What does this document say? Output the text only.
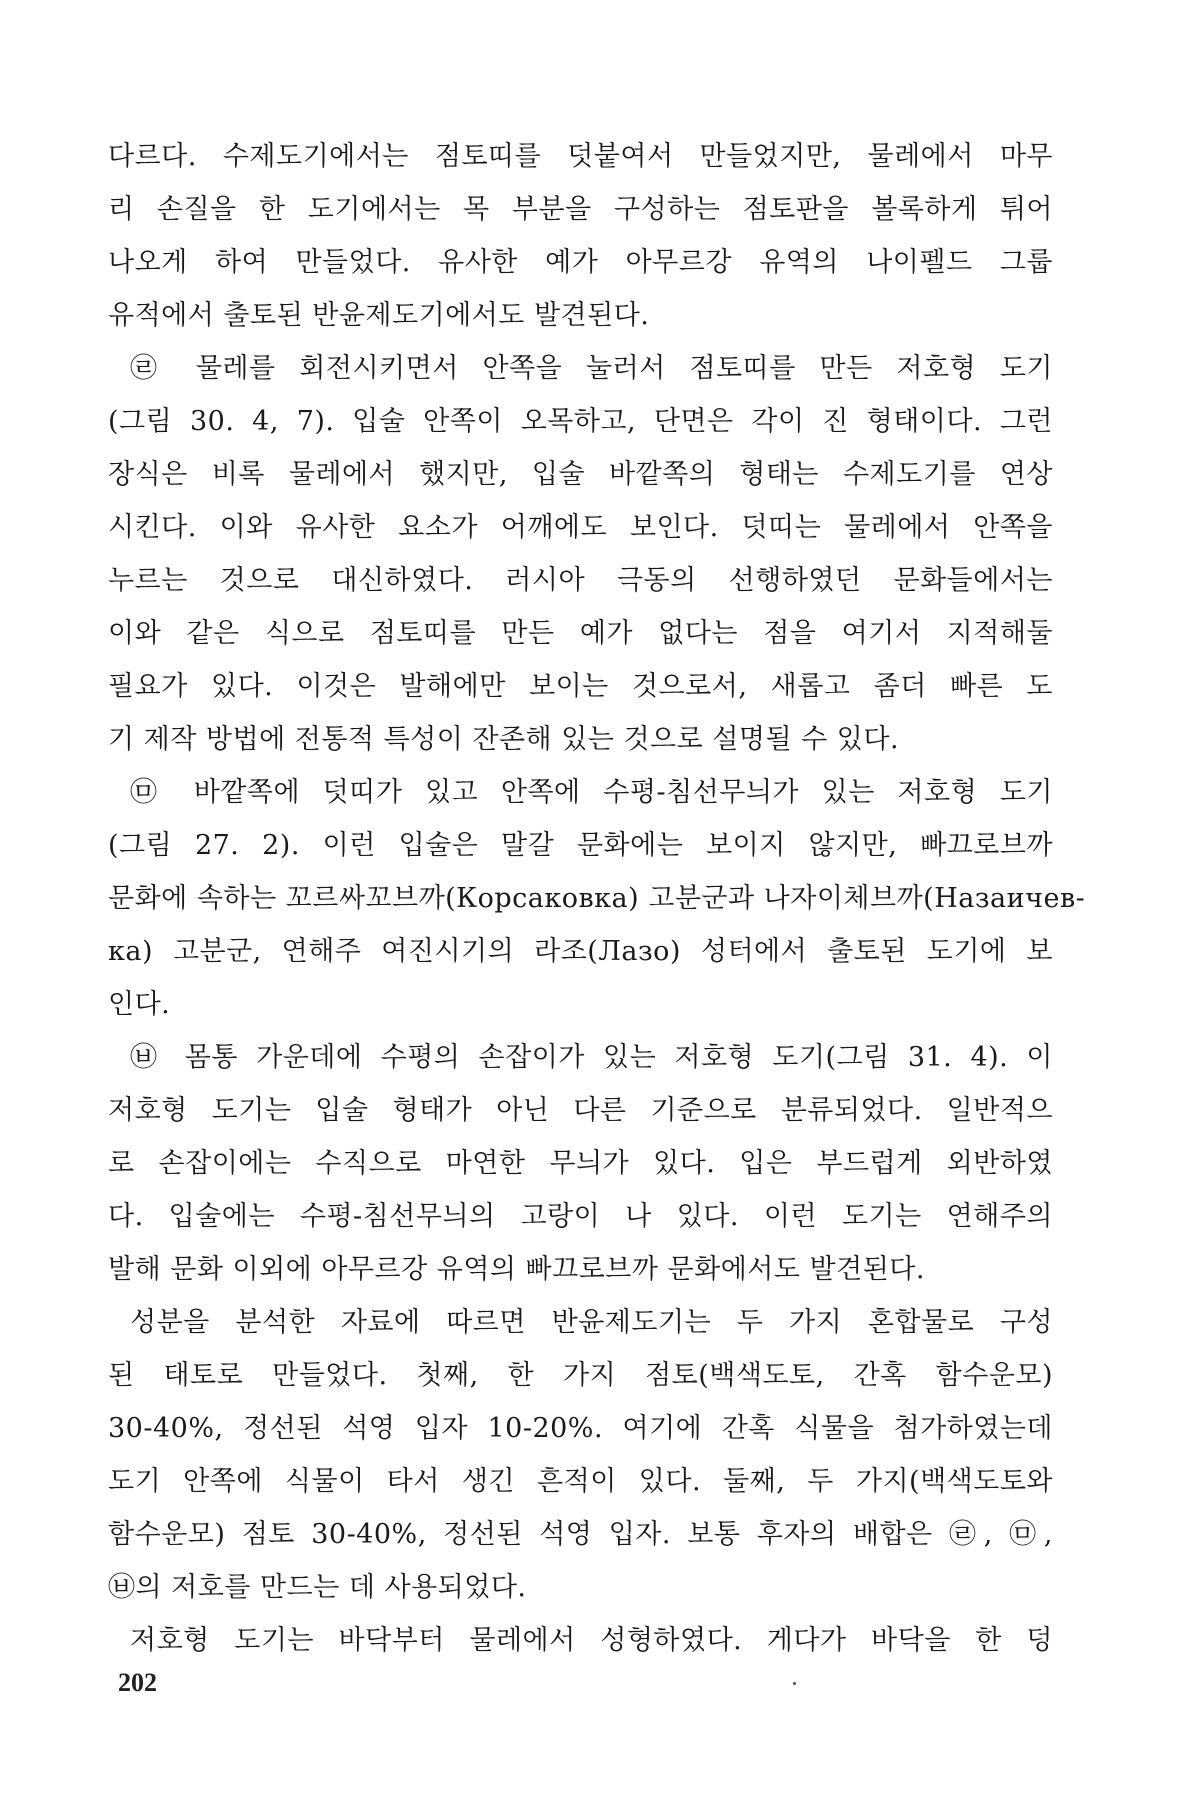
다르다. 수제도기에서는 점토띠를 덧붙여서 만들었지만, 물레에서 마무
리 손질을 한 도기에서는 목 부분을 구성하는 점토판을 볼록하게 튀어
나오게 하여 만들었다. 유사한 예가 아무르강 유역의 나이펠드 그룹
유적에서 출토된 반윤제도기에서도 발견된다.
㉣ 물레를 회전시키면서 안쪽을 눌러서 점토띠를 만든 저호형 도기
(그림 30. 4, 7). 입술 안쪽이 오목하고, 단면은 각이 진 형태이다. 그런
장식은 비록 물레에서 했지만, 입술 바깥쪽의 형태는 수제도기를 연상
시킨다. 이와 유사한 요소가 어깨에도 보인다. 덧띠는 물레에서 안쪽을
누르는 것으로 대신하였다. 러시아 극동의 선행하였던 문화들에서는
이와 같은 식으로 점토띠를 만든 예가 없다는 점을 여기서 지적해둘
필요가 있다. 이것은 발해에만 보이는 것으로서, 새롭고 좀더 빠른 도
기 제작 방법에 전통적 특성이 잔존해 있는 것으로 설명될 수 있다.
㉤ 바깥쪽에 덧띠가 있고 안쪽에 수평-침선무늬가 있는 저호형 도기
(그림 27. 2). 이런 입술은 말갈 문화에는 보이지 않지만, 빠끄로브까
문화에 속하는 꼬르싸꼬브까(Корсаковка) 고분군과 나자이체브까(Назаичев-
ка) 고분군, 연해주 여진시기의 라조(Лазо) 성터에서 출토된 도기에 보
인다.
㉥ 몸통 가운데에 수평의 손잡이가 있는 저호형 도기(그림 31. 4). 이
저호형 도기는 입술 형태가 아닌 다른 기준으로 분류되었다. 일반적으
로 손잡이에는 수직으로 마연한 무늬가 있다. 입은 부드럽게 외반하였
다. 입술에는 수평-침선무늬의 고랑이 나 있다. 이런 도기는 연해주의
발해 문화 이외에 아무르강 유역의 빠끄로브까 문화에서도 발견된다.
성분을 분석한 자료에 따르면 반윤제도기는 두 가지 혼합물로 구성
된 태토로 만들었다. 첫째, 한 가지 점토(백색도토, 간혹 함수운모)
30-40%, 정선된 석영 입자 10-20%. 여기에 간혹 식물을 첨가하였는데
도기 안쪽에 식물이 타서 생긴 흔적이 있다. 둘째, 두 가지(백색도토와
함수운모) 점토 30-40%, 정선된 석영 입자. 보통 후자의 배합은 ㉣, ㉤,
㉥의 저호를 만드는 데 사용되었다.
저호형 도기는 바닥부터 물레에서 성형하였다. 게다가 바닥을 한 덩
202
